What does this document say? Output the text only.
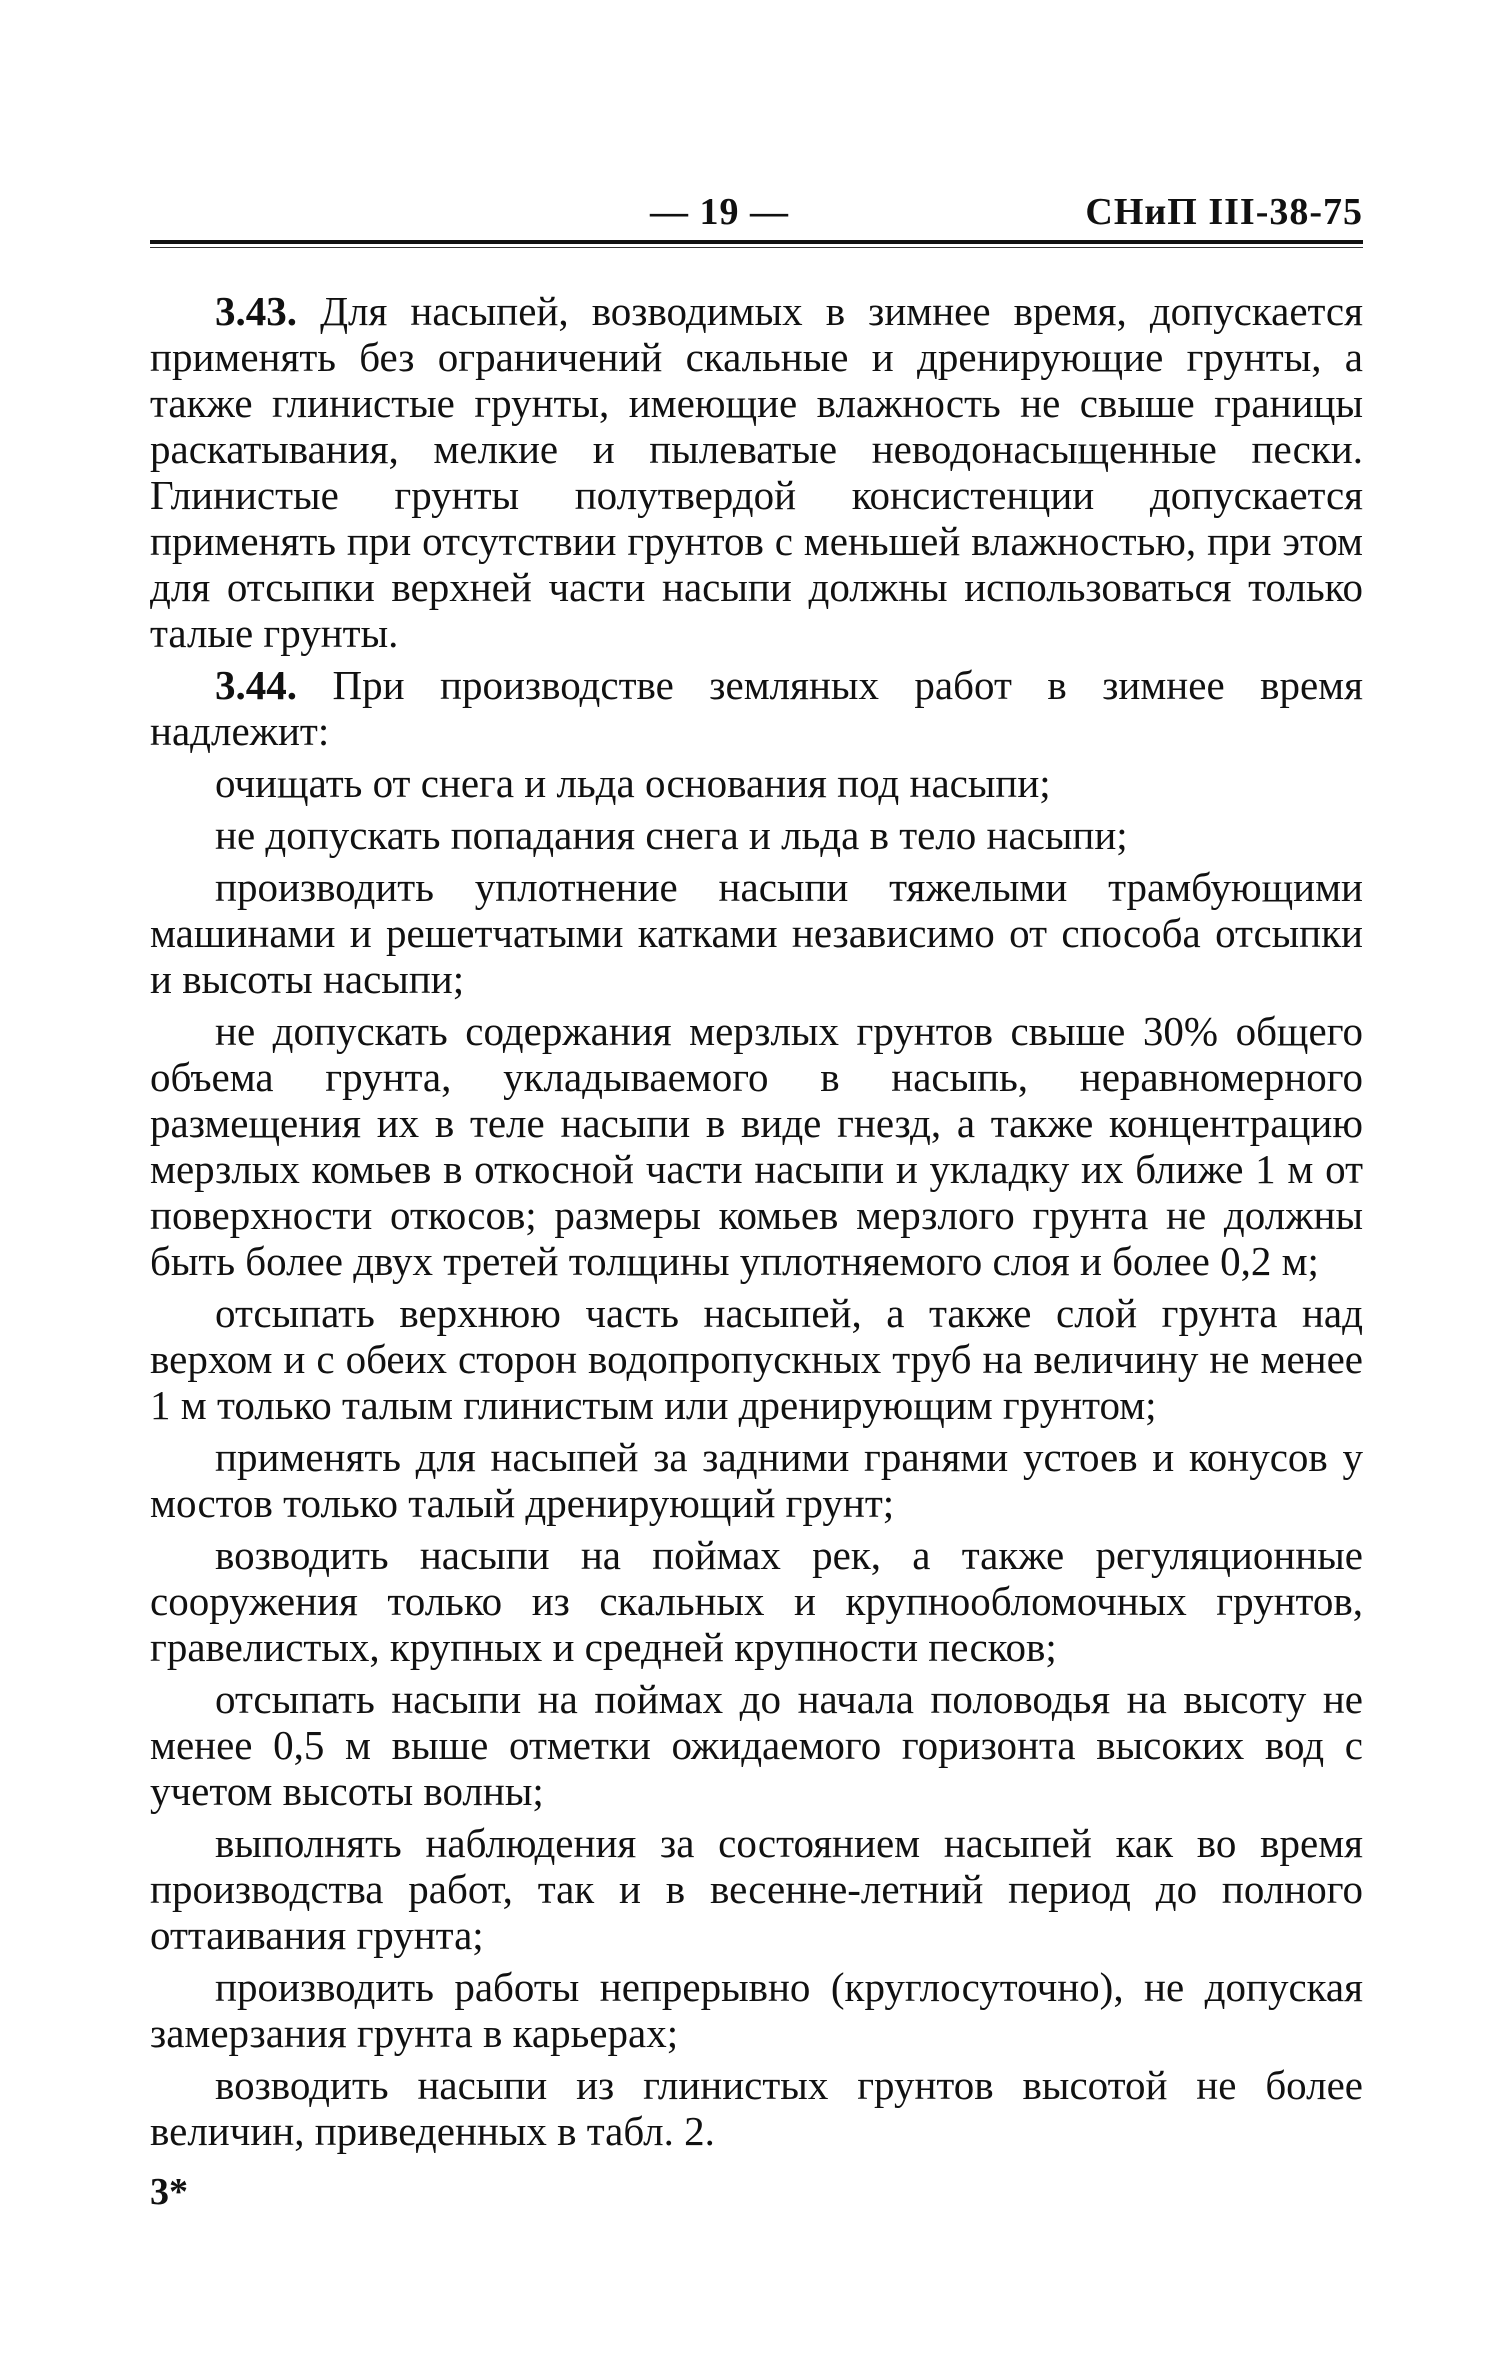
— 19 —	СНиП III-38-75

3.43. Для насыпей, возводимых в зимнее время, допускается применять без ограничений скальные и дренирующие грунты, а также глинистые грунты, имеющие влажность не свыше границы раскатывания, мелкие и пылеватые неводонасыщенные пески. Глинистые грунты полутвердой консистенции допускается применять при отсутствии грунтов с меньшей влажностью, при этом для отсыпки верхней части насыпи должны использоваться только талые грунты.

3.44. При производстве земляных работ в зимнее время надлежит:

очищать от снега и льда основания под насыпи;

не допускать попадания снега и льда в тело насыпи;

производить уплотнение насыпи тяжелыми трамбующими машинами и решетчатыми катками независимо от способа отсыпки и высоты насыпи;

не допускать содержания мерзлых грунтов свыше 30% общего объема грунта, укладываемого в насыпь, неравномерного размещения их в теле насыпи в виде гнезд, а также концентрацию мерзлых комьев в откосной части насыпи и укладку их ближе 1 м от поверхности откосов; размеры комьев мерзлого грунта не должны быть более двух третей толщины уплотняемого слоя и более 0,2 м;

отсыпать верхнюю часть насыпей, а также слой грунта над верхом и с обеих сторон водопропускных труб на величину не менее 1 м только талым глинистым или дренирующим грунтом;

применять для насыпей за задними гранями устоев и конусов у мостов только талый дренирующий грунт;

возводить насыпи на поймах рек, а также регуляционные сооружения только из скальных и крупнообломочных грунтов, гравелистых, крупных и средней крупности песков;

отсыпать насыпи на поймах до начала половодья на высоту не менее 0,5 м выше отметки ожидаемого горизонта высоких вод с учетом высоты волны;

выполнять наблюдения за состоянием насыпей как во время производства работ, так и в весенне-летний период до полного оттаивания грунта;

производить работы непрерывно (круглосуточно), не допуская замерзания грунта в карьерах;

возводить насыпи из глинистых грунтов высотой не более величин, приведенных в табл. 2.

3*
